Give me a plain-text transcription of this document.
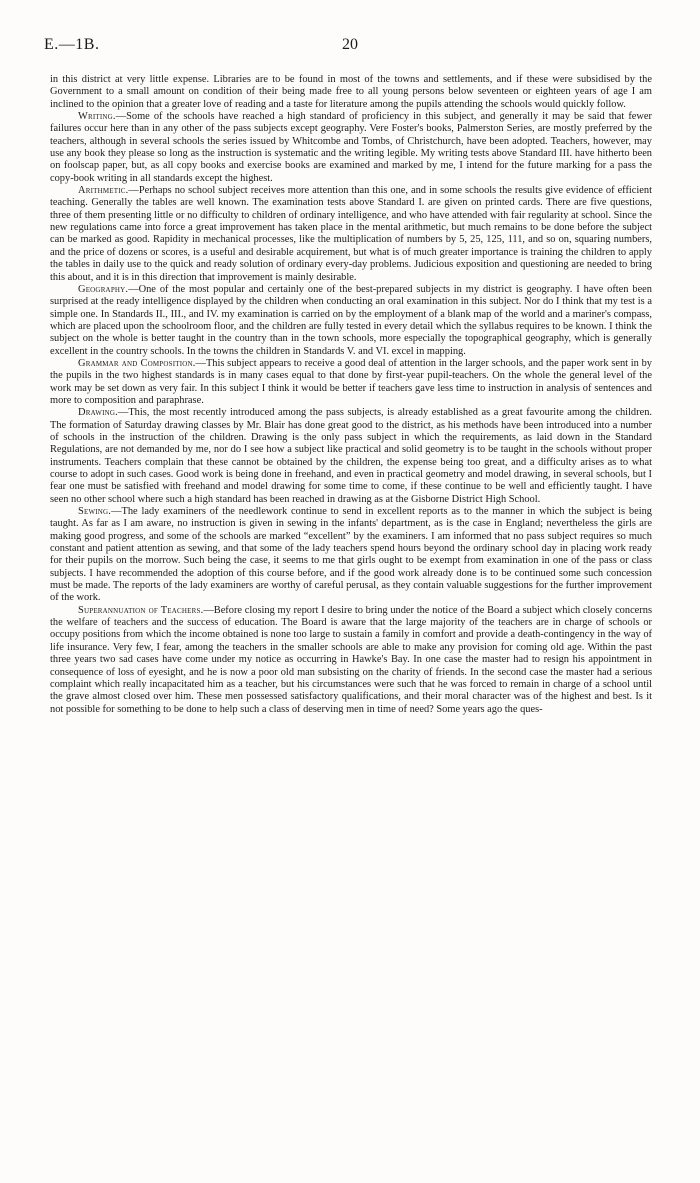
E.—1B.	20

in this district at very little expense. Libraries are to be found in most of the towns and settlements, and if these were subsidised by the Government to a small amount on condition of their being made free to all young persons below seventeen or eighteen years of age I am inclined to the opinion that a greater love of reading and a taste for literature among the pupils attending the schools would quickly follow.

Writing.—Some of the schools have reached a high standard of proficiency in this subject, and generally it may be said that fewer failures occur here than in any other of the pass subjects except geography. Vere Foster's books, Palmerston Series, are mostly preferred by the teachers, although in several schools the series issued by Whitcombe and Tombs, of Christchurch, have been adopted. Teachers, however, may use any book they please so long as the instruction is systematic and the writing legible. My writing tests above Standard III. have hitherto been on foolscap paper, but, as all copy books and exercise books are examined and marked by me, I intend for the future marking for a pass the copy-book writing in all standards except the highest.

Arithmetic.—Perhaps no school subject receives more attention than this one, and in some schools the results give evidence of efficient teaching. Generally the tables are well known. The examination tests above Standard I. are given on printed cards. There are five questions, three of them presenting little or no difficulty to children of ordinary intelligence, and who have attended with fair regularity at school. Since the new regulations came into force a great improvement has taken place in the mental arithmetic, but much remains to be done before the subject can be marked as good. Rapidity in mechanical processes, like the multiplication of numbers by 5, 25, 125, 111, and so on, squaring numbers, and the price of dozens or scores, is a useful and desirable acquirement, but what is of much greater importance is training the children to apply the tables in daily use to the quick and ready solution of ordinary every-day problems. Judicious exposition and questioning are needed to bring this about, and it is in this direction that improvement is mainly desirable.

Geography.—One of the most popular and certainly one of the best-prepared subjects in my district is geography. I have often been surprised at the ready intelligence displayed by the children when conducting an oral examination in this subject. Nor do I think that my test is a simple one. In Standards II., III., and IV. my examination is carried on by the employment of a blank map of the world and a mariner's compass, which are placed upon the schoolroom floor, and the children are fully tested in every detail which the syllabus requires to be known. I think the subject on the whole is better taught in the country than in the town schools, more especially the topographical geography, which is generally excellent in the country schools. In the towns the children in Standards V. and VI. excel in mapping.

Grammar and Composition.—This subject appears to receive a good deal of attention in the larger schools, and the paper work sent in by the pupils in the two highest standards is in many cases equal to that done by first-year pupil-teachers. On the whole the general level of the work may be set down as very fair. In this subject I think it would be better if teachers gave less time to instruction in analysis of sentences and more to composition and paraphrase.

Drawing.—This, the most recently introduced among the pass subjects, is already established as a great favourite among the children. The formation of Saturday drawing classes by Mr. Blair has done great good to the district, as his methods have been introduced into a number of schools in the instruction of the children. Drawing is the only pass subject in which the requirements, as laid down in the Standard Regulations, are not demanded by me, nor do I see how a subject like practical and solid geometry is to be taught in the schools without proper instruments. Teachers complain that these cannot be obtained by the children, the expense being too great, and a difficulty arises as to what course to adopt in such cases. Good work is being done in freehand, and even in practical geometry and model drawing, in several schools, but I fear one must be satisfied with freehand and model drawing for some time to come, if these continue to be well and efficiently taught. I have seen no other school where such a high standard has been reached in drawing as at the Gisborne District High School.

Sewing.—The lady examiners of the needlework continue to send in excellent reports as to the manner in which the subject is being taught. As far as I am aware, no instruction is given in sewing in the infants' department, as is the case in England; nevertheless the girls are making good progress, and some of the schools are marked “excellent” by the examiners. I am informed that no pass subject requires so much constant and patient attention as sewing, and that some of the lady teachers spend hours beyond the ordinary school day in placing work ready for their pupils on the morrow. Such being the case, it seems to me that girls ought to be exempt from examination in one of the pass or class subjects. I have recommended the adoption of this course before, and if the good work already done is to be continued some such concession must be made. The reports of the lady examiners are worthy of careful perusal, as they contain valuable suggestions for the further improvement of the work.

Superannuation of Teachers.—Before closing my report I desire to bring under the notice of the Board a subject which closely concerns the welfare of teachers and the success of education. The Board is aware that the large majority of the teachers are in charge of schools or occupy positions from which the income obtained is none too large to sustain a family in comfort and provide a death-contingency in the way of life insurance. Very few, I fear, among the teachers in the smaller schools are able to make any provision for coming old age. Within the past three years two sad cases have come under my notice as occurring in Hawke's Bay. In one case the master had to resign his appointment in consequence of loss of eyesight, and he is now a poor old man subsisting on the charity of friends. In the second case the master had a serious complaint which really incapacitated him as a teacher, but his circumstances were such that he was forced to remain in charge of a school until the grave almost closed over him. These men possessed satisfactory qualifications, and their moral character was of the highest and best. Is it not possible for something to be done to help such a class of deserving men in time of need? Some years ago the ques-
